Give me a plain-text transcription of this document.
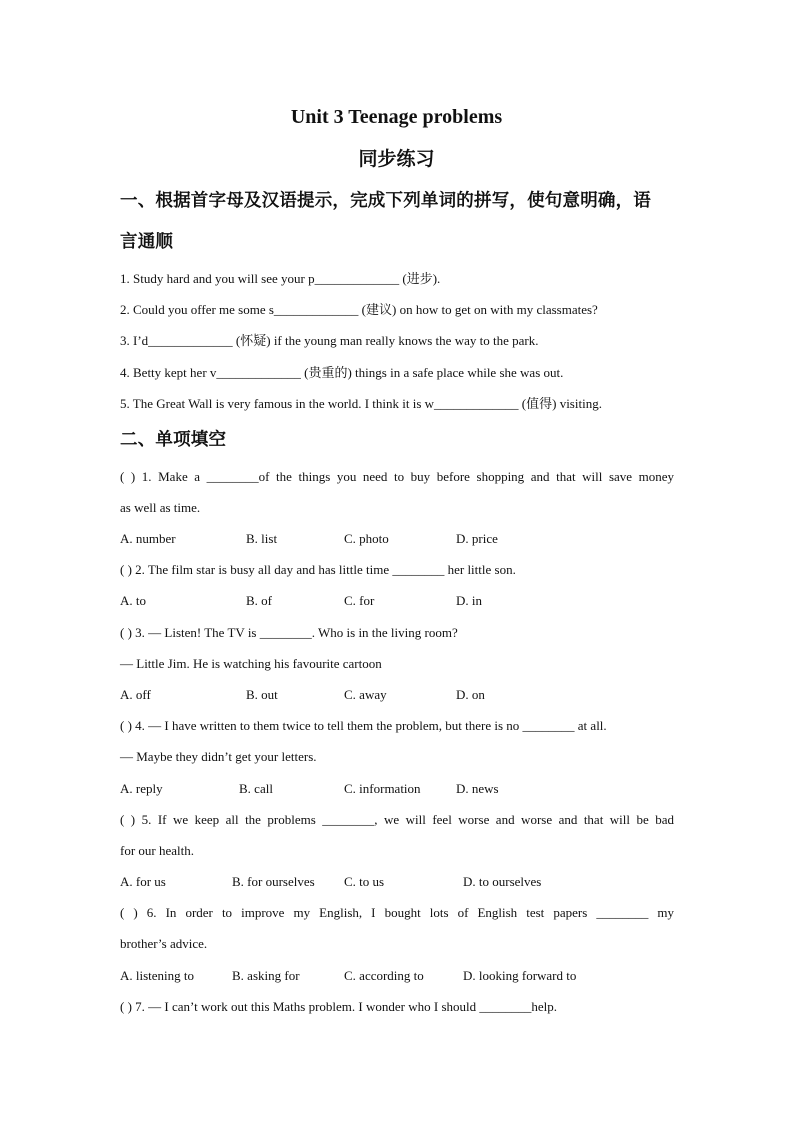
Unit 3 Teenage problems
同步练习
一、根据首字母及汉语提示，完成下列单词的拼写，使句意明确，语
言通顺
1. Study hard and you will see your p_____________ (进步).
2. Could you offer me some s_____________ (建议) on how to get on with my classmates?
3. I’d_____________ (怀疑) if the young man really knows the way to the park.
4. Betty kept her v_____________ (贵重的) things in a safe place while she was out.
5. The Great Wall is very famous in the world. I think it is w_____________ (值得) visiting.
二、单项填空
( ) 1. Make a ________of the things you need to buy before shopping and that will save money
as well as time.
A. number	B. list	C. photo	D. price
( ) 2. The film star is busy all day and has little time ________ her little son.
A. to	B. of	C. for	D. in
( ) 3. — Listen! The TV is ________. Who is in the living room?
— Little Jim. He is watching his favourite cartoon
A. off	B. out	C. away	D. on
( ) 4. — I have written to them twice to tell them the problem, but there is no ________ at all.
— Maybe they didn’t get your letters.
A. reply	B. call	C. information	D. news
( ) 5. If we keep all the problems ________, we will feel worse and worse and that will be bad
for our health.
A. for us	B. for ourselves C. to us	D. to ourselves
( ) 6. In order to improve my English, I bought lots of English test papers ________ my
brother’s advice.
A. listening to	B. asking for	C. according to	D. looking forward to
( ) 7. — I can’t work out this Maths problem. I wonder who I should ________help.
